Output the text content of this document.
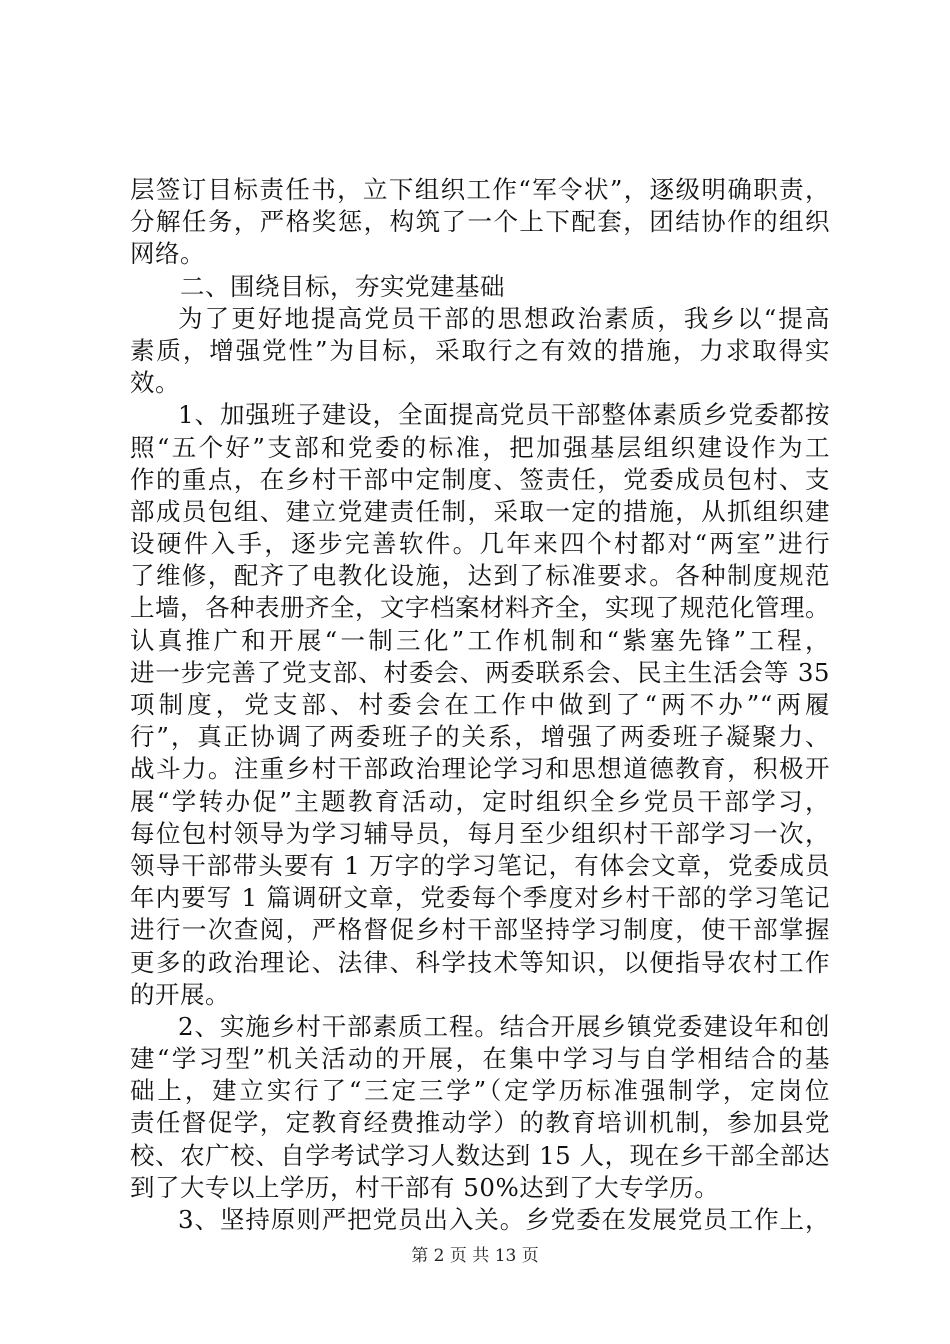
层签订目标责任书，立下组织工作“军令状”，逐级明确职责，
分解任务，严格奖惩，构筑了一个上下配套，团结协作的组织
网络。
二、围绕目标，夯实党建基础
为了更好地提高党员干部的思想政治素质，我乡以“提高
素质，增强党性”为目标，采取行之有效的措施，力求取得实
效。
1、加强班子建设，全面提高党员干部整体素质乡党委都按
照“五个好”支部和党委的标准，把加强基层组织建设作为工
作的重点，在乡村干部中定制度、签责任，党委成员包村、支
部成员包组、建立党建责任制，采取一定的措施，从抓组织建
设硬件入手，逐步完善软件。几年来四个村都对“两室”进行
了维修，配齐了电教化设施，达到了标准要求。各种制度规范
上墙，各种表册齐全，文字档案材料齐全，实现了规范化管理。
认真推广和开展“一制三化”工作机制和“紫塞先锋”工程，
进一步完善了党支部、村委会、两委联系会、民主生活会等 35
项制度，党支部、村委会在工作中做到了“两不办”“两履
行”，真正协调了两委班子的关系，增强了两委班子凝聚力、
战斗力。注重乡村干部政治理论学习和思想道德教育，积极开
展“学转办促”主题教育活动，定时组织全乡党员干部学习，
每位包村领导为学习辅导员，每月至少组织村干部学习一次，
领导干部带头要有 1 万字的学习笔记，有体会文章，党委成员
年内要写 1 篇调研文章，党委每个季度对乡村干部的学习笔记
进行一次查阅，严格督促乡村干部坚持学习制度，使干部掌握
更多的政治理论、法律、科学技术等知识，以便指导农村工作
的开展。
2、实施乡村干部素质工程。结合开展乡镇党委建设年和创
建“学习型”机关活动的开展，在集中学习与自学相结合的基
础上，建立实行了“三定三学”（定学历标准强制学，定岗位
责任督促学，定教育经费推动学）的教育培训机制，参加县党
校、农广校、自学考试学习人数达到 15 人，现在乡干部全部达
到了大专以上学历，村干部有 50%达到了大专学历。
3、坚持原则严把党员出入关。乡党委在发展党员工作上，
第 2 页 共 13 页
